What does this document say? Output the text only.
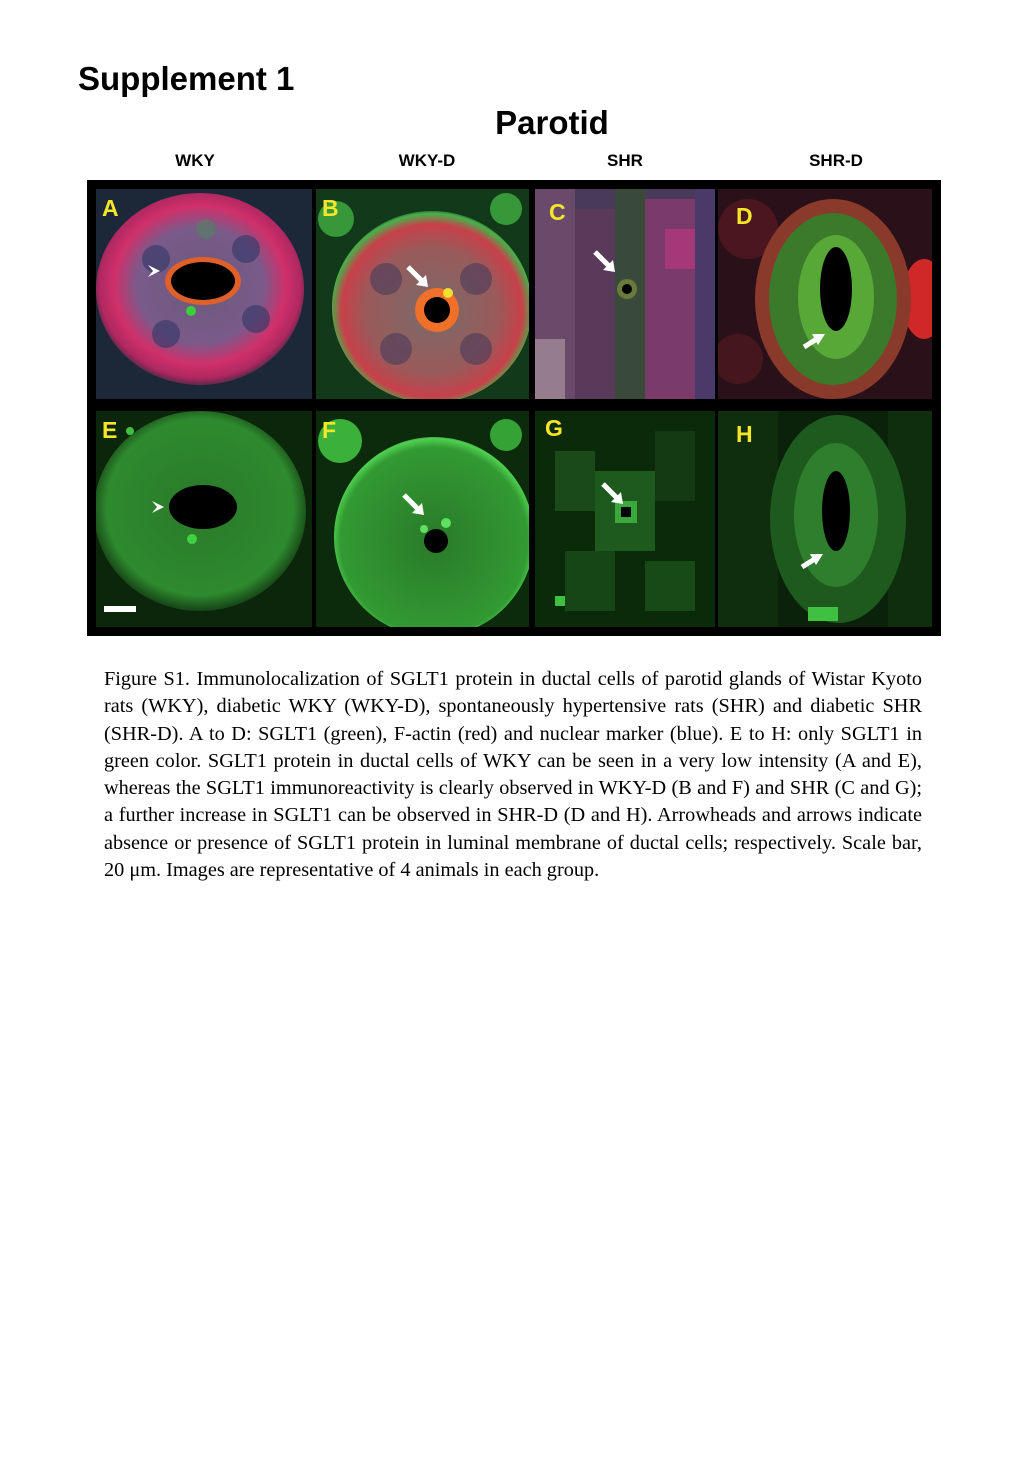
Supplement 1
Parotid
WKY	WKY-D	SHR	SHR-D
A	B	C	D
E	F	G	H

Figure S1. Immunolocalization of SGLT1 protein in ductal cells of parotid glands of Wistar Kyoto rats (WKY), diabetic WKY (WKY-D), spontaneously hypertensive rats (SHR) and diabetic SHR (SHR-D). A to D: SGLT1 (green), F-actin (red) and nuclear marker (blue). E to H: only SGLT1 in green color. SGLT1 protein in ductal cells of WKY can be seen in a very low intensity (A and E), whereas the SGLT1 immunoreactivity is clearly observed in WKY-D (B and F) and SHR (C and G); a further increase in SGLT1 can be observed in SHR-D (D and H). Arrowheads and arrows indicate absence or presence of SGLT1 protein in luminal membrane of ductal cells; respectively. Scale bar, 20 μm. Images are representative of 4 animals in each group.
